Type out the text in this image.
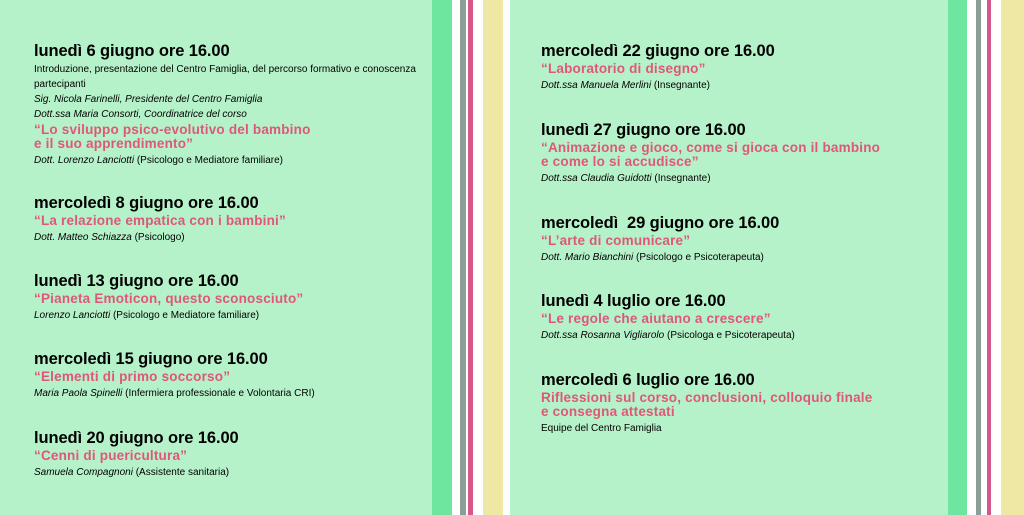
lunedì 6 giugno ore 16.00
Introduzione, presentazione del Centro Famiglia, del percorso formativo e conoscenza partecipanti
Sig. Nicola Farinelli, Presidente del Centro Famiglia
Dott.ssa Maria Consorti, Coordinatrice del corso
“Lo sviluppo psico-evolutivo del bambino
e il suo apprendimento”
Dott. Lorenzo Lanciotti (Psicologo e Mediatore familiare)
mercoledì 8 giugno ore 16.00
“La relazione empatica con i bambini”
Dott. Matteo Schiazza (Psicologo)
lunedì 13 giugno ore 16.00
“Pianeta Emoticon, questo sconosciuto”
Lorenzo Lanciotti (Psicologo e Mediatore familiare)
mercoledì 15 giugno ore 16.00
“Elementi di primo soccorso”
Maria Paola Spinelli (Infermiera professionale e Volontaria CRI)
lunedì 20 giugno ore 16.00
“Cenni di puericultura”
Samuela Compagnoni (Assistente sanitaria)
mercoledì 22 giugno ore 16.00
“Laboratorio di disegno”
Dott.ssa Manuela Merlini (Insegnante)
lunedì 27 giugno ore 16.00
“Animazione e gioco, come si gioca con il bambino
e come lo si accudisce”
Dott.ssa Claudia Guidotti (Insegnante)
mercoledì  29 giugno ore 16.00
“L’arte di comunicare”
Dott. Mario Bianchini (Psicologo e Psicoterapeuta)
lunedì 4 luglio ore 16.00
“Le regole che aiutano a crescere”
Dott.ssa Rosanna Vigliarolo (Psicologa e Psicoterapeuta)
mercoledì 6 luglio ore 16.00
Riflessioni sul corso, conclusioni, colloquio finale
e consegna attestati
Equipe del Centro Famiglia
